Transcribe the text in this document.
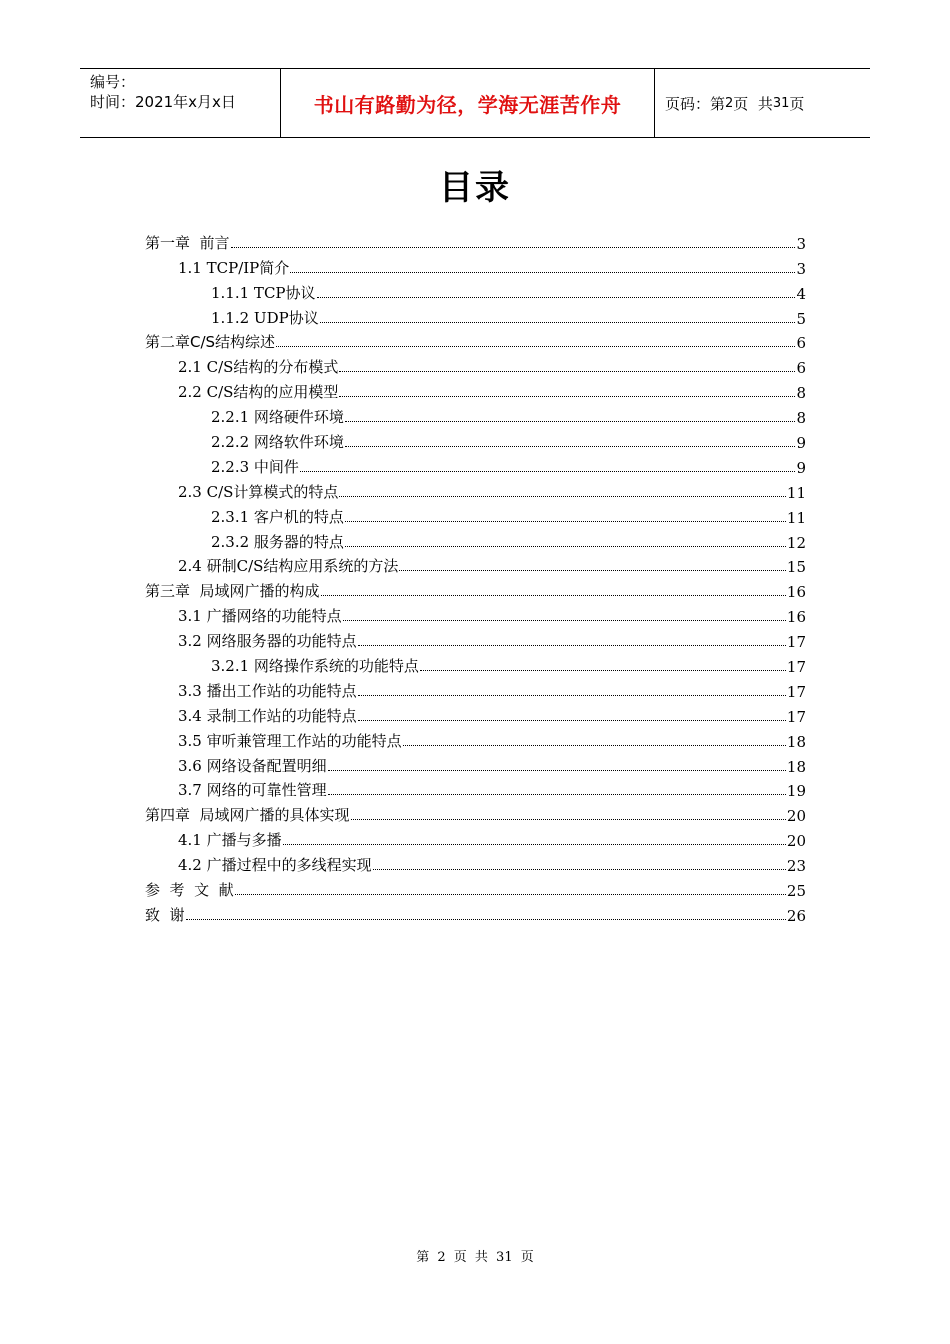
编号：
时间：2021年x月x日	书山有路勤为径，学海无涯苦作舟	页码：第 2 页  共 31 页
目录
第一章  前言	3
1.1 TCP/IP简介	3
1.1.1 TCP协议	4
1.1.2 UDP协议	5
第二章C/S结构综述	6
2.1 C/S结构的分布模式	6
2.2 C/S结构的应用模型	8
2.2.1 网络硬件环境	8
2.2.2 网络软件环境	9
2.2.3 中间件	9
2.3 C/S计算模式的特点	11
2.3.1 客户机的特点	11
2.3.2 服务器的特点	12
2.4 研制C/S结构应用系统的方法	15
第三章  局域网广播的构成	16
3.1 广播网络的功能特点	16
3.2 网络服务器的功能特点	17
3.2.1 网络操作系统的功能特点	17
3.3 播出工作站的功能特点	17
3.4 录制工作站的功能特点	17
3.5 审听兼管理工作站的功能特点	18
3.6 网络设备配置明细	18
3.7 网络的可靠性管理	19
第四章  局域网广播的具体实现	20
4.1 广播与多播	20
4.2 广播过程中的多线程实现	23
参  考  文  献	25
致  谢	26
第 2 页 共 31 页
